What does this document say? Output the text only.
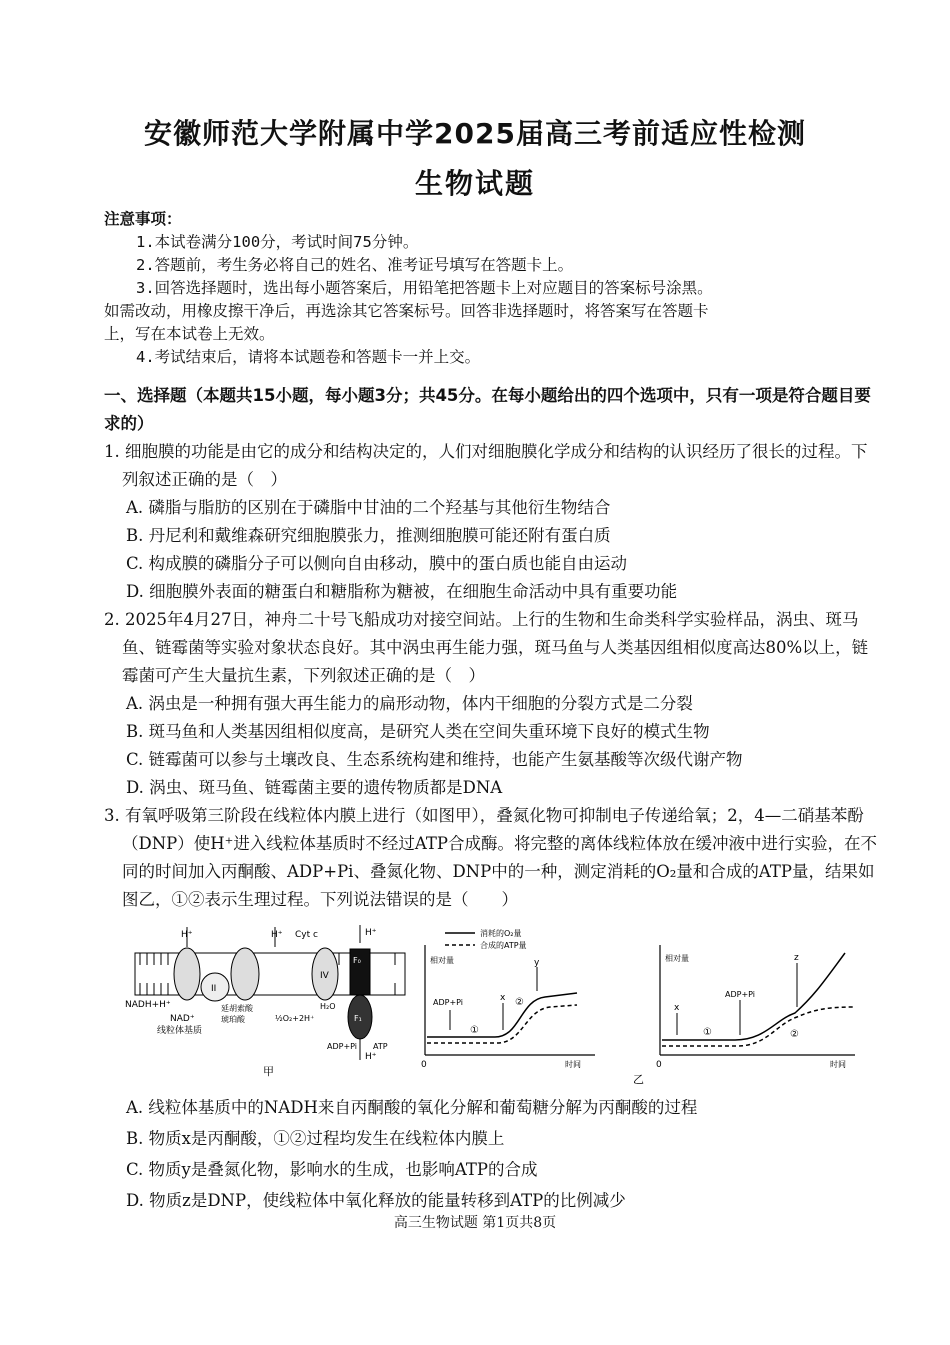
安徽师范大学附属中学2025届高三考前适应性检测
生物试题
注意事项：
1.本试卷满分100分，考试时间75分钟。
2.答题前，考生务必将自己的姓名、准考证号填写在答题卡上。
3.回答选择题时，选出每小题答案后，用铅笔把答题卡上对应题目的答案标号涂黑。
如需改动，用橡皮擦干净后，再选涂其它答案标号。回答非选择题时，将答案写在答题卡
上，写在本试卷上无效。
4.考试结束后，请将本试题卷和答题卡一并上交。
一、选择题（本题共15小题，每小题3分；共45分。在每小题给出的四个选项中，只有一项是符合题目要求的）
1. 细胞膜的功能是由它的成分和结构决定的，人们对细胞膜化学成分和结构的认识经历了很长的过程。下列叙述正确的是（　）
A. 磷脂与脂肪的区别在于磷脂中甘油的二个羟基与其他衍生物结合
B. 丹尼利和戴维森研究细胞膜张力，推测细胞膜可能还附有蛋白质
C. 构成膜的磷脂分子可以侧向自由移动，膜中的蛋白质也能自由运动
D. 细胞膜外表面的糖蛋白和糖脂称为糖被，在细胞生命活动中具有重要功能
2. 2025年4月27日，神舟二十号飞船成功对接空间站。上行的生物和生命类科学实验样品，涡虫、斑马鱼、链霉菌等实验对象状态良好。其中涡虫再生能力强，斑马鱼与人类基因组相似度高达80%以上，链霉菌可产生大量抗生素，下列叙述正确的是（　）
A. 涡虫是一种拥有强大再生能力的扁形动物，体内干细胞的分裂方式是二分裂
B. 斑马鱼和人类基因组相似度高，是研究人类在空间失重环境下良好的模式生物
C. 链霉菌可以参与土壤改良、生态系统构建和维持，也能产生氨基酸等次级代谢产物
D. 涡虫、斑马鱼、链霉菌主要的遗传物质都是DNA
3. 有氧呼吸第三阶段在线粒体内膜上进行（如图甲），叠氮化物可抑制电子传递给氧；2，4—二硝基苯酚（DNP）使H⁺进入线粒体基质时不经过ATP合成酶。将完整的离体线粒体放在缓冲液中进行实验，在不同的时间加入丙酮酸、ADP+Pi、叠氮化物、DNP中的一种，测定消耗的O₂量和合成的ATP量，结果如图乙，①②表示生理过程。下列说法错误的是（　　）
II
IV
F₀
F₁
H⁺	H⁺ Cyt c	H⁺
H⁺
NADH+H⁺
NAD⁺
线粒体基质
延胡索酸
琥珀酸	½O₂+2H⁺
H₂O
ADP+Pi ATP
甲
相对量
0	时间
消耗的O₂量
合成的ATP量
ADP+Pi	x
y
①
②
相对量
0	时间
x
ADP+Pi
z
①	②
乙
A. 线粒体基质中的NADH来自丙酮酸的氧化分解和葡萄糖分解为丙酮酸的过程
B. 物质x是丙酮酸，①②过程均发生在线粒体内膜上
C. 物质y是叠氮化物，影响水的生成，也影响ATP的合成
D. 物质z是DNP，使线粒体中氧化释放的能量转移到ATP的比例减少
高三生物试题 第1页共8页
